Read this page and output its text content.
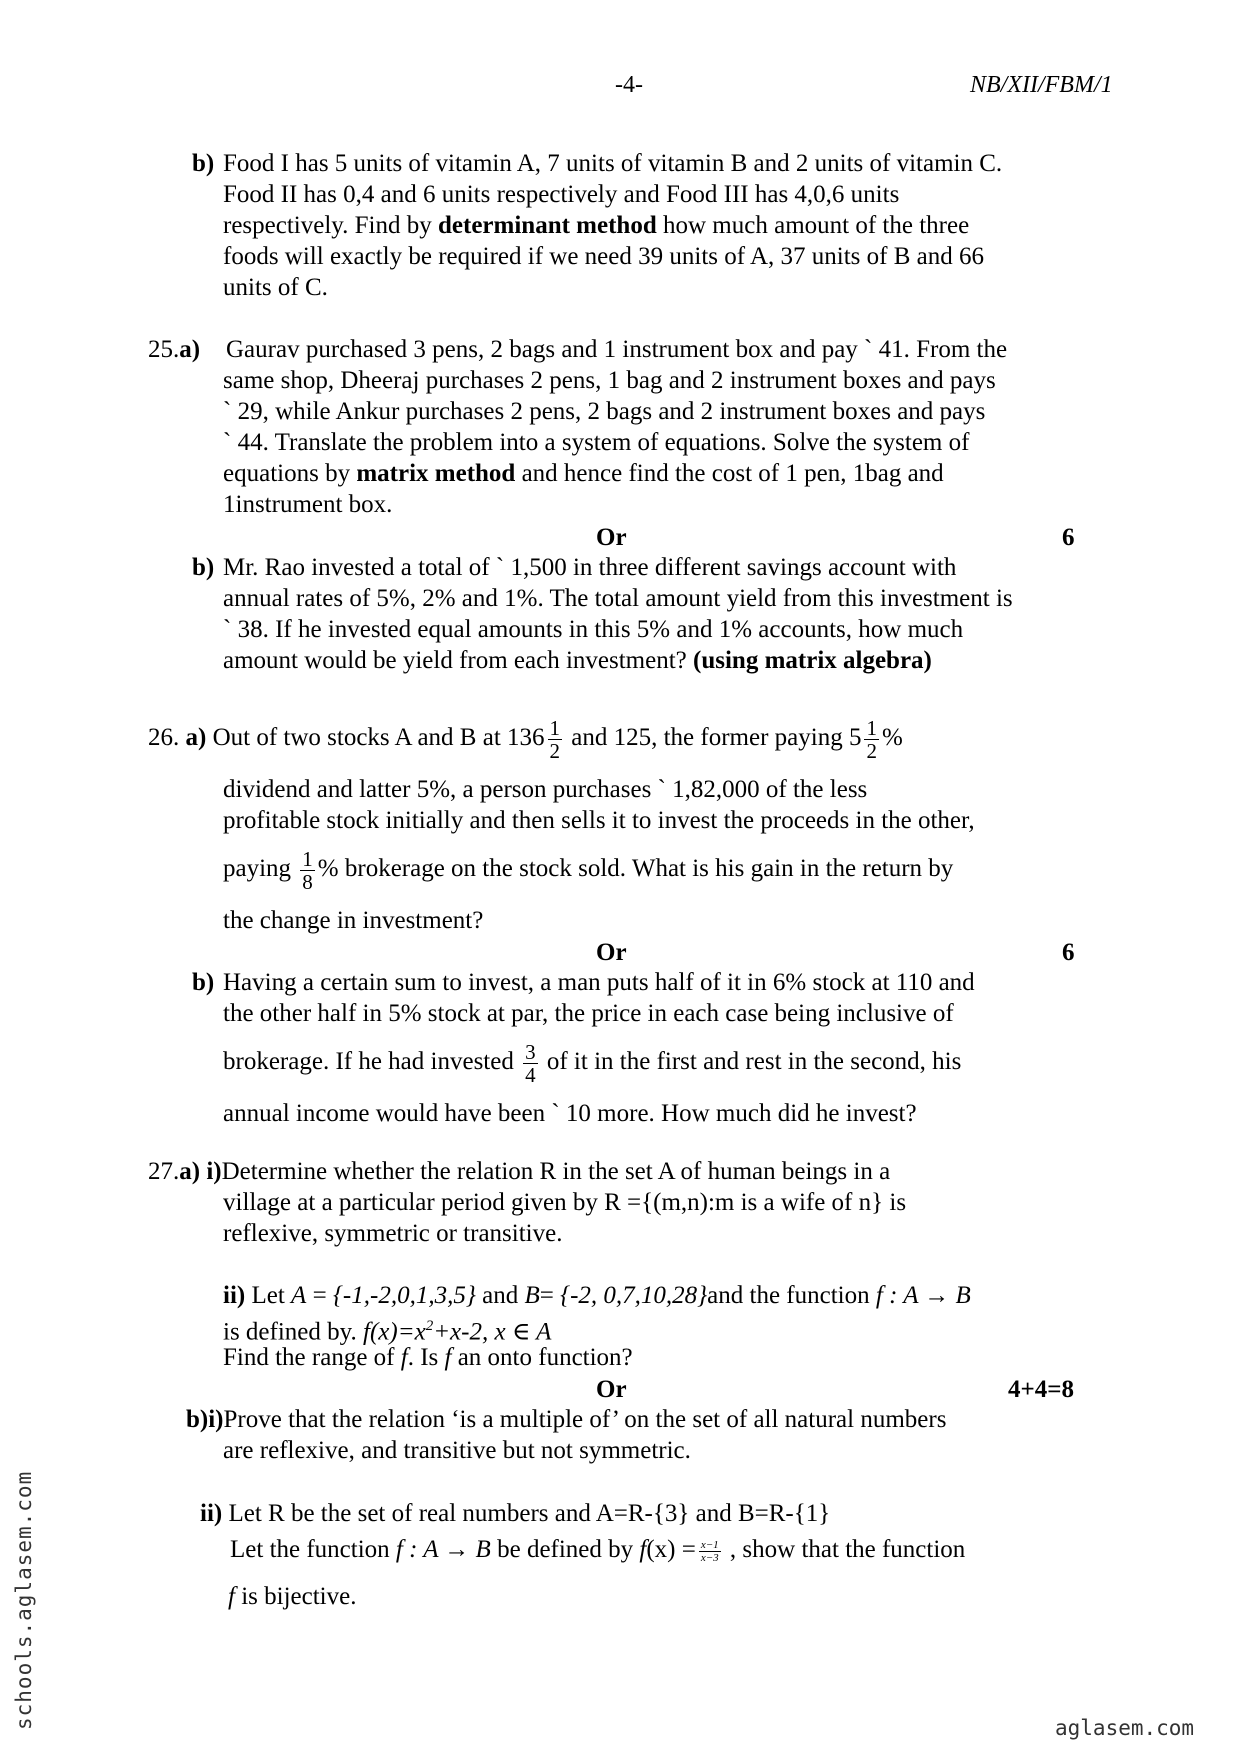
-4-	NB/XII/FBM/1
b) Food I has 5 units of vitamin A, 7 units of vitamin B and 2 units of vitamin C.
Food II has 0,4 and 6 units respectively and Food III has 4,0,6 units
respectively. Find by determinant method how much amount of the three
foods will exactly be required if we need 39 units of A, 37 units of B and 66
units of C.
25.a) Gaurav purchased 3 pens, 2 bags and 1 instrument box and pay ` 41. From the
same shop, Dheeraj purchases 2 pens, 1 bag and 2 instrument boxes and pays
` 29, while Ankur purchases 2 pens, 2 bags and 2 instrument boxes and pays
` 44. Translate the problem into a system of equations. Solve the system of
equations by matrix method and hence find the cost of 1 pen, 1bag and
1instrument box.
Or	6
b) Mr. Rao invested a total of ` 1,500 in three different savings account with
annual rates of 5%, 2% and 1%. The total amount yield from this investment is
` 38. If he invested equal amounts in this 5% and 1% accounts, how much
amount would be yield from each investment? (using matrix algebra)
26. a) Out of two stocks A and B at $136 \frac{1}{2}$ and 125, the former paying $5 \frac{1}{2}$ %
dividend and latter 5%, a person purchases ` 1,82,000 of the less
profitable stock initially and then sells it to invest the proceeds in the other,
paying $\frac{1}{8}$ % brokerage on the stock sold. What is his gain in the return by
the change in investment?
Or	6
b) Having a certain sum to invest, a man puts half of it in 6% stock at 110 and
the other half in 5% stock at par, the price in each case being inclusive of
brokerage. If he had invested $\frac{3}{4}$ of it in the first and rest in the second, his
annual income would have been ` 10 more. How much did he invest?
27.a) i)Determine whether the relation R in the set A of human beings in a
village at a particular period given by R ={(m,n):m is a wife of n} is
reflexive, symmetric or transitive.
ii) Let A = {-1,-2,0,1,3,5} and B= {-2, 0,7,10,28}and the function f : A → B
is defined by. $f(x)=x^2+x-2$, x ∈ A
Find the range of f. Is f an onto function?
Or	4+4=8
b)i)Prove that the relation ‘is a multiple of’ on the set of all natural numbers
are reflexive, and transitive but not symmetric.
ii) Let R be the set of real numbers and A=R-{3} and B=R-{1}
Let the function f : A → B be defined by $f(x) = \frac{x-1}{x-3}$ , show that the function
f is bijective.
schools.aglasem.com	aglasem.com
